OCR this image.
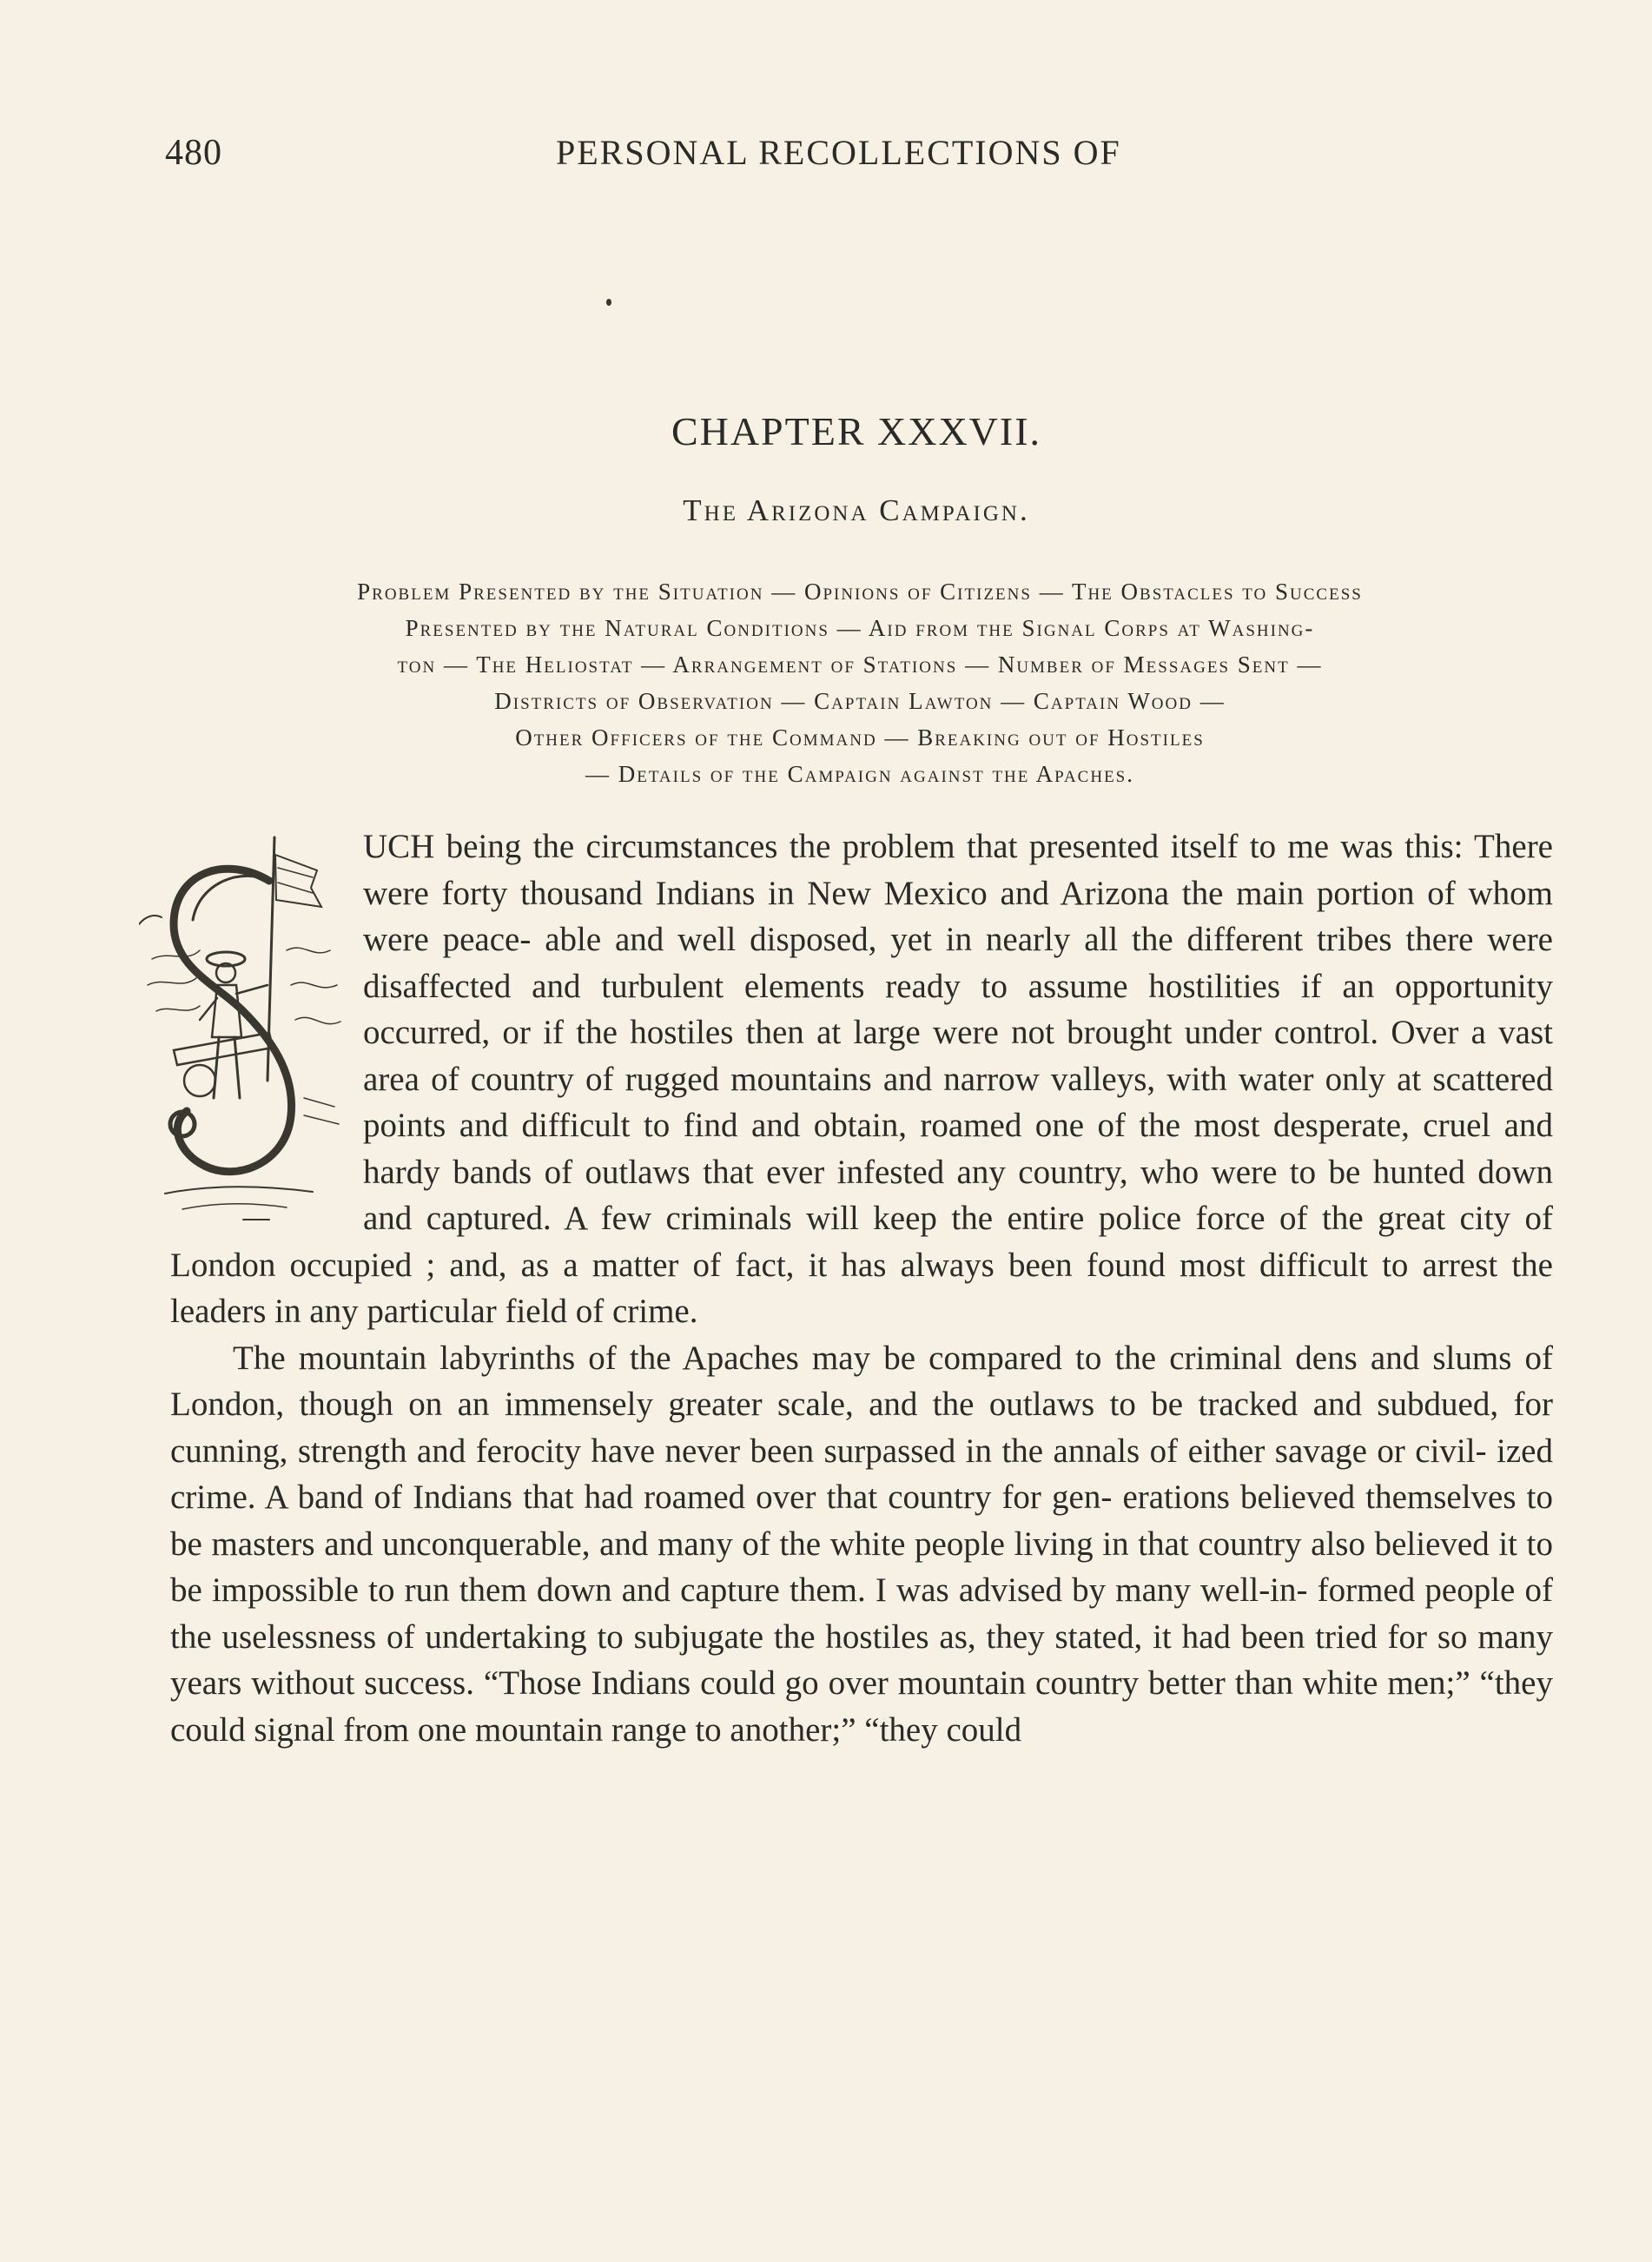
480	PERSONAL RECOLLECTIONS OF
CHAPTER XXXVII.
The Arizona Campaign.
Problem Presented by the Situation — Opinions of Citizens — The Obstacles to Success
Presented by the Natural Conditions — Aid from the Signal Corps at Washing-
ton — The Heliostat — Arrangement of Stations — Number of Messages Sent —
Districts of Observation — Captain Lawton — Captain Wood —
Other Officers of the Command — Breaking out of Hostiles
— Details of the Campaign against the Apaches.

UCH being the circumstances the problem that presented itself to me was this: There were forty thousand Indians in New Mexico and Arizona the main portion of whom were peace- able and well disposed, yet in nearly all the different tribes there were disaffected and turbulent elements ready to assume hostilities if an opportunity occurred, or if the hostiles then at large were not brought under control. Over a vast area of country of rugged mountains and narrow valleys, with water only at scattered points and difficult to find and obtain, roamed one of the most desperate, cruel and hardy bands of outlaws that ever infested any country, who were to be hunted down and captured. A few criminals will keep the entire police force of the great city of London occupied ; and, as a matter of fact, it has always been found most difficult to arrest the leaders in any particular field of crime.

The mountain labyrinths of the Apaches may be compared to the criminal dens and slums of London, though on an immensely greater scale, and the outlaws to be tracked and subdued, for cunning, strength and ferocity have never been surpassed in the annals of either savage or civil- ized crime. A band of Indians that had roamed over that country for gen- erations believed themselves to be masters and unconquerable, and many of the white people living in that country also believed it to be impossible to run them down and capture them. I was advised by many well-in- formed people of the uselessness of undertaking to subjugate the hostiles as, they stated, it had been tried for so many years without success. “Those Indians could go over mountain country better than white men;” “they could signal from one mountain range to another;” “they could
